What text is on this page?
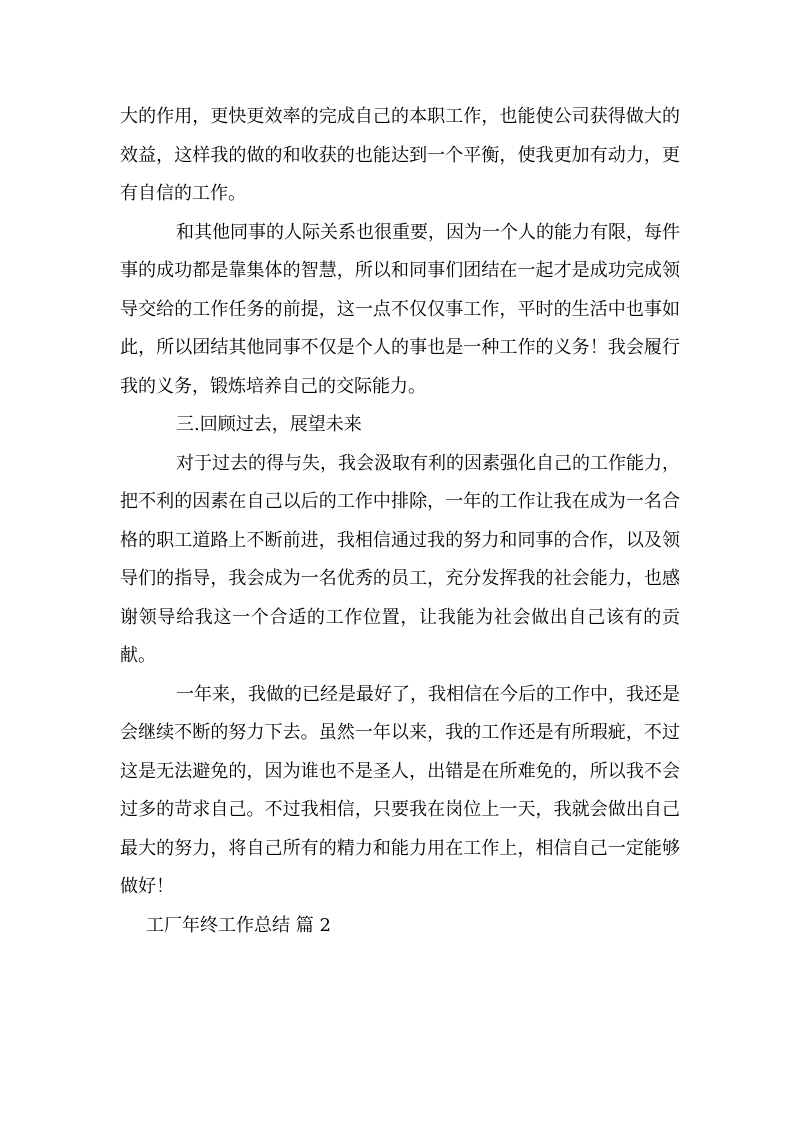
大的作用，更快更效率的完成自己的本职工作，也能使公司获得做大的效益，这样我的做的和收获的也能达到一个平衡，使我更加有动力，更有自信的工作。

和其他同事的人际关系也很重要，因为一个人的能力有限，每件事的成功都是靠集体的智慧，所以和同事们团结在一起才是成功完成领导交给的工作任务的前提，这一点不仅仅事工作，平时的生活中也事如此，所以团结其他同事不仅是个人的事也是一种工作的义务！我会履行我的义务，锻炼培养自己的交际能力。

三.回顾过去，展望未来

对于过去的得与失，我会汲取有利的因素强化自己的工作能力，把不利的因素在自己以后的工作中排除，一年的工作让我在成为一名合格的职工道路上不断前进，我相信通过我的努力和同事的合作，以及领导们的指导，我会成为一名优秀的员工，充分发挥我的社会能力，也感谢领导给我这一个合适的工作位置，让我能为社会做出自己该有的贡献。

一年来，我做的已经是最好了，我相信在今后的工作中，我还是会继续不断的努力下去。虽然一年以来，我的工作还是有所瑕疵，不过这是无法避免的，因为谁也不是圣人，出错是在所难免的，所以我不会过多的苛求自己。不过我相信，只要我在岗位上一天，我就会做出自己最大的努力，将自己所有的精力和能力用在工作上，相信自己一定能够做好！

工厂年终工作总结 篇 2
